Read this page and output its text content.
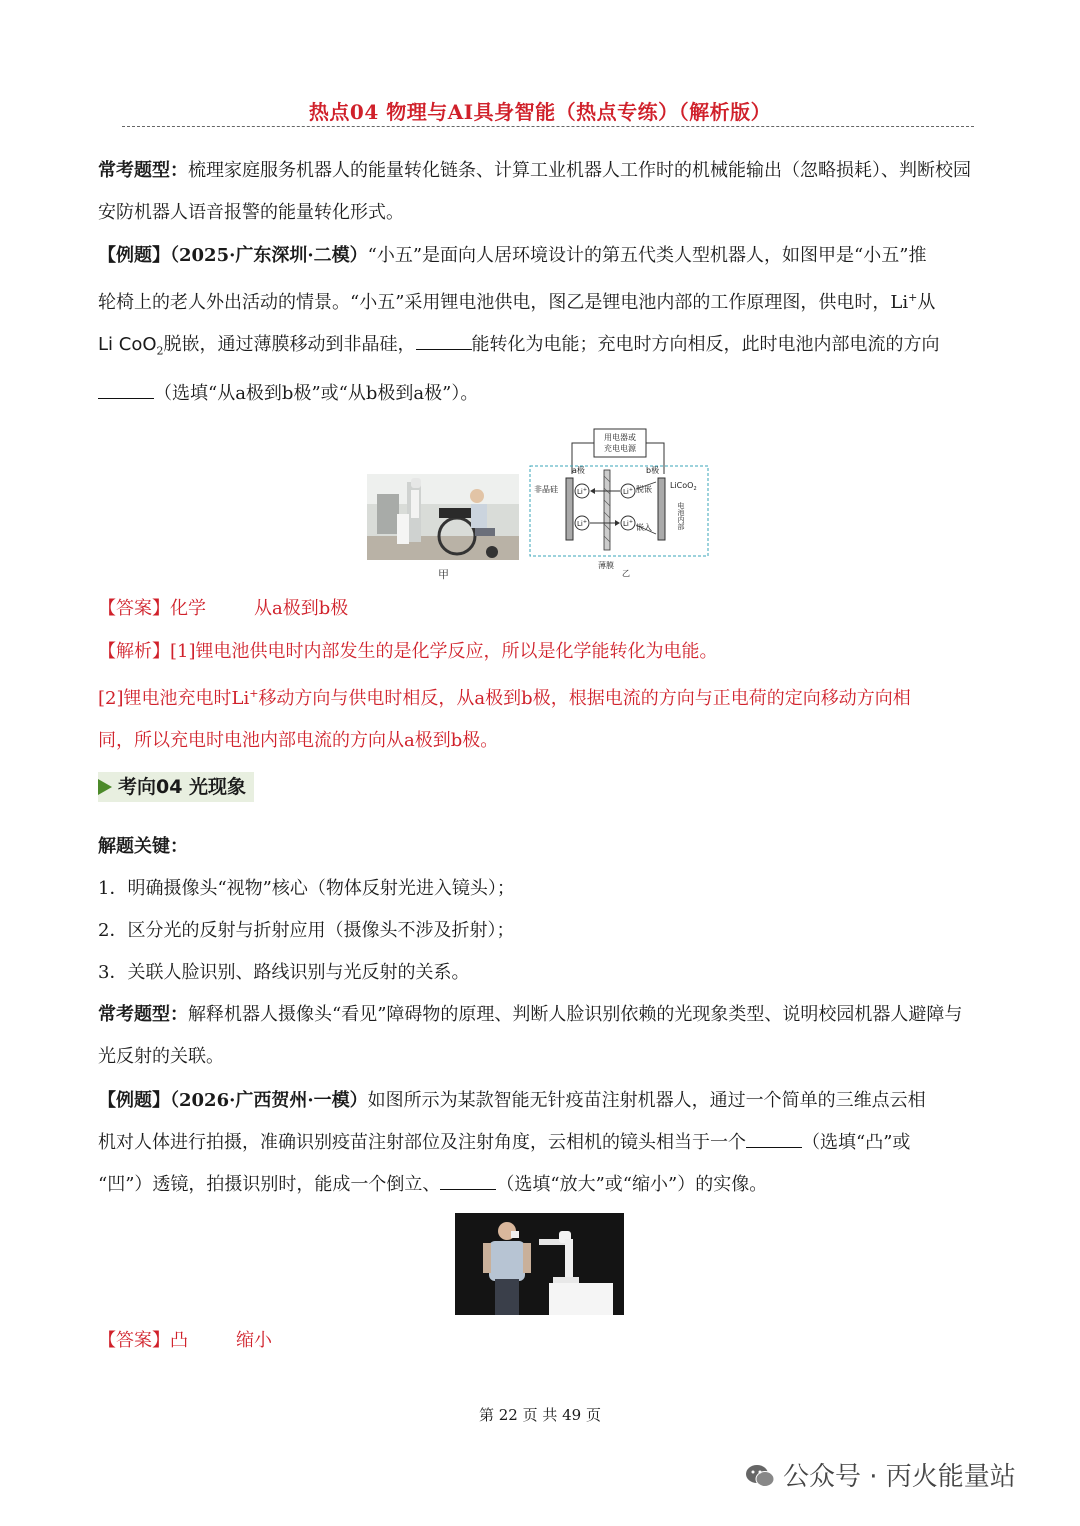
热点04 物理与AI具身智能（热点专练）（解析版）
常考题型：梳理家庭服务机器人的能量转化链条、计算工业机器人工作时的机械能输出（忽略损耗）、判断校园安防机器人语音报警的能量转化形式。
【例题】（2025·广东深圳·二模）“小五”是面向人居环境设计的第五代类人型机器人，如图甲是“小五”推
轮椅上的老人外出活动的情景。“小五”采用锂电池供电，图乙是锂电池内部的工作原理图，供电时，Li+从
Li CoO$_2$脱嵌，通过薄膜移动到非晶硅，	能转化为电能；充电时方向相反，此时电池内部电流的方向
（选填“从a极到b极”或“从b极到a极”）。
甲
用电器或
充电电源
a极	b极
非晶硅	LiCoO$_2$
Li+
Li+
Li+
Li+
脱嵌
嵌入	电池内部
薄膜
乙
【答案】化学	从a极到b极
【解析】[1]锂电池供电时内部发生的是化学反应，所以是化学能转化为电能。
[2]锂电池充电时Li+移动方向与供电时相反，从a极到b极，根据电流的方向与正电荷的定向移动方向相
同，所以充电时电池内部电流的方向从a极到b极。
考向04 光现象
解题关键：
1．明确摄像头“视物”核心（物体反射光进入镜头）；
2．区分光的反射与折射应用（摄像头不涉及折射）；
3．关联人脸识别、路线识别与光反射的关系。
常考题型：解释机器人摄像头“看见”障碍物的原理、判断人脸识别依赖的光现象类型、说明校园机器人避障与光反射的关联。
【例题】（2026·广西贺州·一模）如图所示为某款智能无针疫苗注射机器人，通过一个简单的三维点云相
机对人体进行拍摄，准确识别疫苗注射部位及注射角度，云相机的镜头相当于一个	（选填“凸”或
“凹”）透镜，拍摄识别时，能成一个倒立、	（选填“放大”或“缩小”）的实像。
【答案】凸	缩小
第 22 页 共 49 页
公众号 · 丙火能量站
